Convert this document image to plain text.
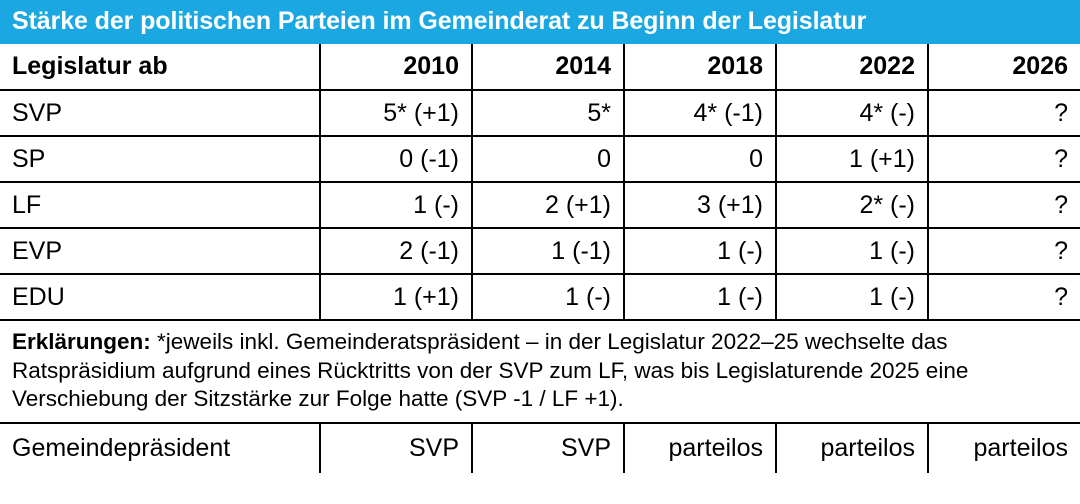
Stärke der politischen Parteien im Gemeinderat zu Beginn der Legislatur
Legislatur ab	2010	2014	2018	2022	2026
SVP	5* (+1)	5*	4* (-1)	4* (-)	?
SP	0 (-1)	0	0	1 (+1)	?
LF	1 (-)	2 (+1)	3 (+1)	2* (-)	?
EVP	2 (-1)	1 (-1)	1 (-)	1 (-)	?
EDU	1 (+1)	1 (-)	1 (-)	1 (-)	?
Erklärungen: *jeweils inkl. Gemeinderatspräsident – in der Legislatur 2022–25 wechselte das Ratspräsidium aufgrund eines Rücktritts von der SVP zum LF, was bis Legislaturende 2025 eine Verschiebung der Sitzstärke zur Folge hatte (SVP -1 / LF +1).					
Gemeindepräsident	SVP	SVP	parteilos	parteilos	parteilos
